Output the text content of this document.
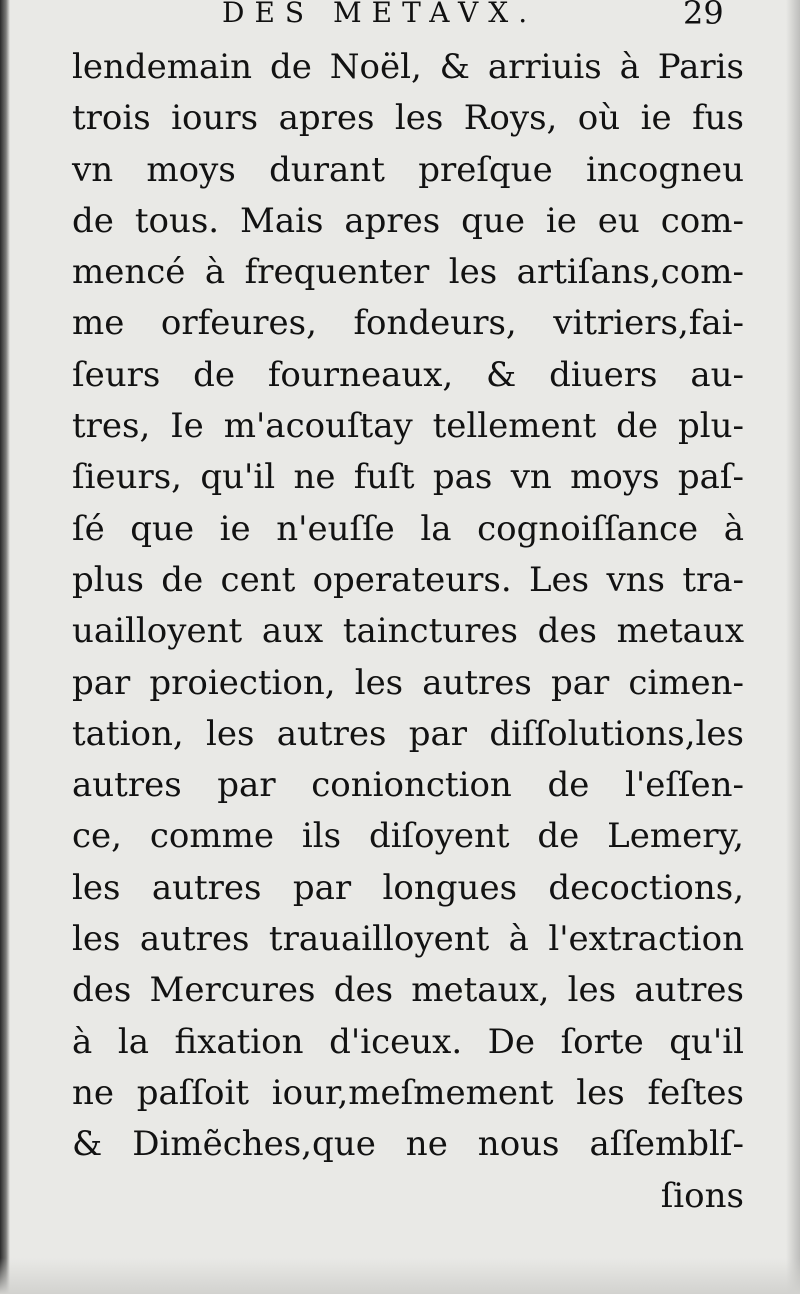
DES METAVX.	29
lendemain de Noël, & arriuis à Paris
trois iours apres les Roys, où ie fus
vn moys durant preſque incogneu
de tous. Mais apres que ie eu com-
mencé à frequenter les artiſans,com-
me orfeures, fondeurs, vitriers,fai-
ſeurs de fourneaux, & diuers au-
tres, Ie m'acouſtay tellement de plu-
ſieurs, qu'il ne fuſt pas vn moys paſ-
ſé que ie n'euſſe la cognoiſſance à
plus de cent operateurs. Les vns tra-
uailloyent aux tainctures des metaux
par proiection, les autres par cimen-
tation, les autres par diſſolutions,les
autres par conionction de l'eſſen-
ce, comme ils diſoyent de Lemery,
les autres par longues decoctions,
les autres trauailloyent à l'extraction
des Mercures des metaux, les autres
à la fixation d'iceux. De ſorte qu'il
ne paſſoit iour,meſmement les feſtes
& Dimẽches,que ne nous aſſemblſ-
ſions
